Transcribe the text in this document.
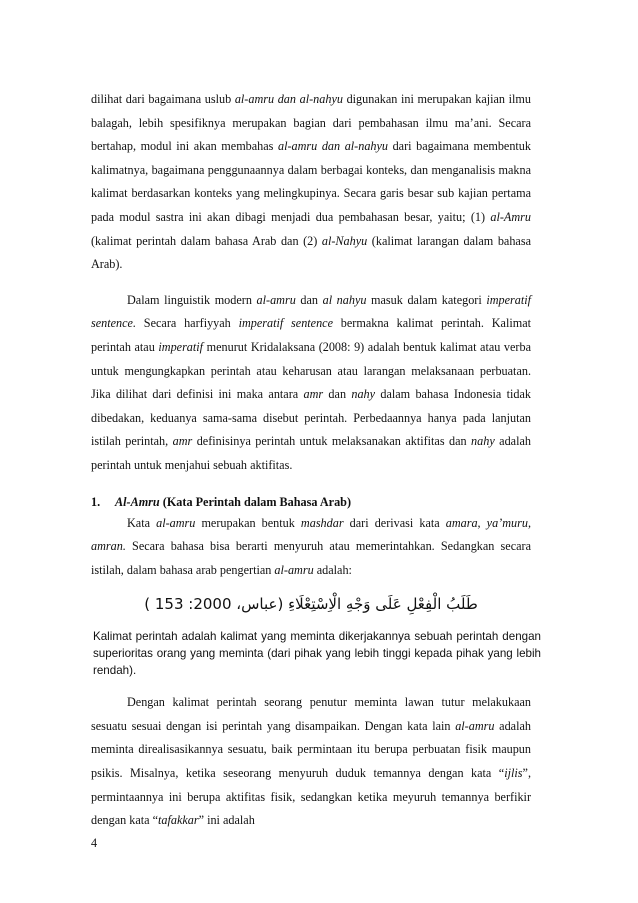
dilihat dari bagaimana uslub al-amru dan al-nahyu digunakan ini merupakan kajian ilmu balagah, lebih spesifiknya merupakan bagian dari pembahasan ilmu ma’ani. Secara bertahap, modul ini akan membahas al-amru dan al-nahyu dari bagaimana membentuk kalimatnya, bagaimana penggunaannya dalam berbagai konteks, dan menganalisis makna kalimat berdasarkan konteks yang melingkupinya. Secara garis besar sub kajian pertama pada modul sastra ini akan dibagi menjadi dua pembahasan besar, yaitu; (1) al-Amru (kalimat perintah dalam bahasa Arab dan (2) al-Nahyu (kalimat larangan dalam bahasa Arab).

Dalam linguistik modern al-amru dan al nahyu masuk dalam kategori imperatif sentence. Secara harfiyyah imperatif sentence bermakna kalimat perintah. Kalimat perintah atau imperatif menurut Kridalaksana (2008: 9) adalah bentuk kalimat atau verba untuk mengungkapkan perintah atau keharusan atau larangan melaksanaan perbuatan. Jika dilihat dari definisi ini maka antara amr dan nahy dalam bahasa Indonesia tidak dibedakan, keduanya sama-sama disebut perintah. Perbedaannya hanya pada lanjutan istilah perintah, amr definisinya perintah untuk melaksanakan aktifitas dan nahy adalah perintah untuk menjahui sebuah aktifitas.

1. Al-Amru (Kata Perintah dalam Bahasa Arab)

Kata al-amru merupakan bentuk mashdar dari derivasi kata amara, ya’muru, amran. Secara bahasa bisa berarti menyuruh atau memerintahkan. Sedangkan secara istilah, dalam bahasa arab pengertian al-amru adalah:

طَلَبُ الْفِعْلِ عَلَى وَجْهِ الْاِسْتِعْلَاءِ (عباس، 2000: 153 )

Kalimat perintah adalah kalimat yang meminta dikerjakannya sebuah perintah dengan superioritas orang yang meminta (dari pihak yang lebih tinggi kepada pihak yang lebih rendah).

Dengan kalimat perintah seorang penutur meminta lawan tutur melakukaan sesuatu sesuai dengan isi perintah yang disampaikan. Dengan kata lain al-amru adalah meminta direalisasikannya sesuatu, baik permintaan itu berupa perbuatan fisik maupun psikis. Misalnya, ketika seseorang menyuruh duduk temannya dengan kata “ijlis”, permintaannya ini berupa aktifitas fisik, sedangkan ketika meyuruh temannya berfikir dengan kata “tafakkar” ini adalah

4
